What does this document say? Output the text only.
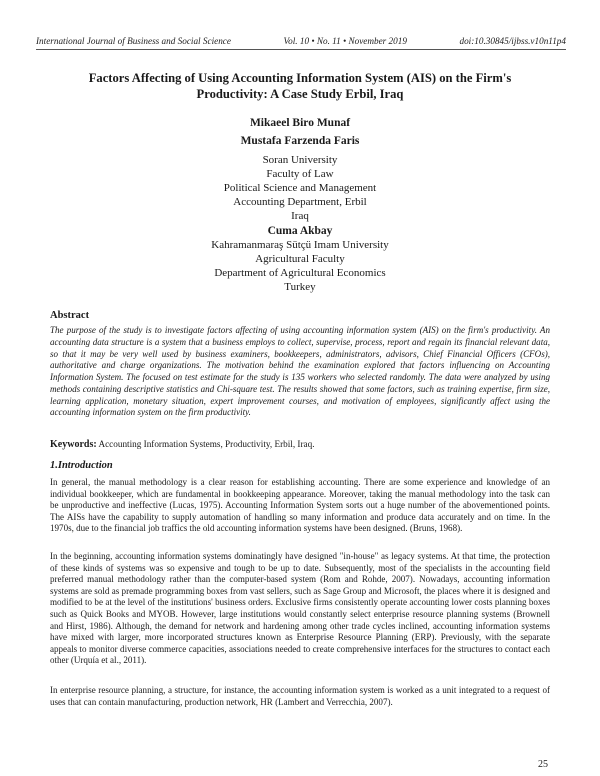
International Journal of Business and Social Science	Vol. 10 • No. 11 • November 2019	doi:10.30845/ijbss.v10n11p4
Factors Affecting of Using Accounting Information System (AIS) on the Firm's
Productivity: A Case Study Erbil, Iraq
Mikaeel Biro Munaf
Mustafa Farzenda Faris
Soran University
Faculty of Law
Political Science and Management
Accounting Department, Erbil
Iraq
Cuma Akbay
Kahramanmaraş Sütçü Imam University
Agricultural Faculty
Department of Agricultural Economics
Turkey
Abstract
The purpose of the study is to investigate factors affecting of using accounting information system (AIS) on the firm's productivity. An accounting data structure is a system that a business employs to collect, supervise, process, report and regain its financial relevant data, so that it may be very well used by business examiners, bookkeepers, administrators, advisors, Chief Financial Officers (CFOs), authoritative and charge organizations. The motivation behind the examination explored that factors influencing on Accounting Information System. The focused on test estimate for the study is 135 workers who selected randomly. The data were analyzed by using methods containing descriptive statistics and Chi-square test. The results showed that some factors, such as training expertise, firm size, learning application, monetary situation, expert improvement courses, and motivation of employees, significantly affect using the accounting information system on the firm productivity.
Keywords: Accounting Information Systems, Productivity, Erbil, Iraq.
1.Introduction
In general, the manual methodology is a clear reason for establishing accounting. There are some experience and knowledge of an individual bookkeeper, which are fundamental in bookkeeping appearance. Moreover, taking the manual methodology into the task can be unproductive and ineffective (Lucas, 1975). Accounting Information System sorts out a huge number of the abovementioned points. The AISs have the capability to supply automation of handling so many information and produce data accurately and on time. In the 1970s, due to the financial job traffics the old accounting information systems have been designed. (Bruns, 1968).
In the beginning, accounting information systems dominatingly have designed "in-house" as legacy systems. At that time, the protection of these kinds of systems was so expensive and tough to be up to date. Subsequently, most of the specialists in the accounting field preferred manual methodology rather than the computer-based system (Rom and Rohde, 2007). Nowadays, accounting information systems are sold as premade programming boxes from vast sellers, such as Sage Group and Microsoft, the places where it is designed and modified to be at the level of the institutions' business orders. Exclusive firms consistently operate accounting lower costs planning boxes such as Quick Books and MYOB. However, large institutions would constantly select enterprise resource planning systems (Brownell and Hirst, 1986). Although, the demand for network and hardening among other trade cycles inclined, accounting information systems have mixed with larger, more incorporated structures known as Enterprise Resource Planning (ERP). Previously, with the separate appeals to monitor diverse commerce capacities, associations needed to create comprehensive interfaces for the structures to contact each other (Urquía et al., 2011).
In enterprise resource planning, a structure, for instance, the accounting information system is worked as a unit integrated to a request of uses that can contain manufacturing, production network, HR (Lambert and Verrecchia, 2007).
25
